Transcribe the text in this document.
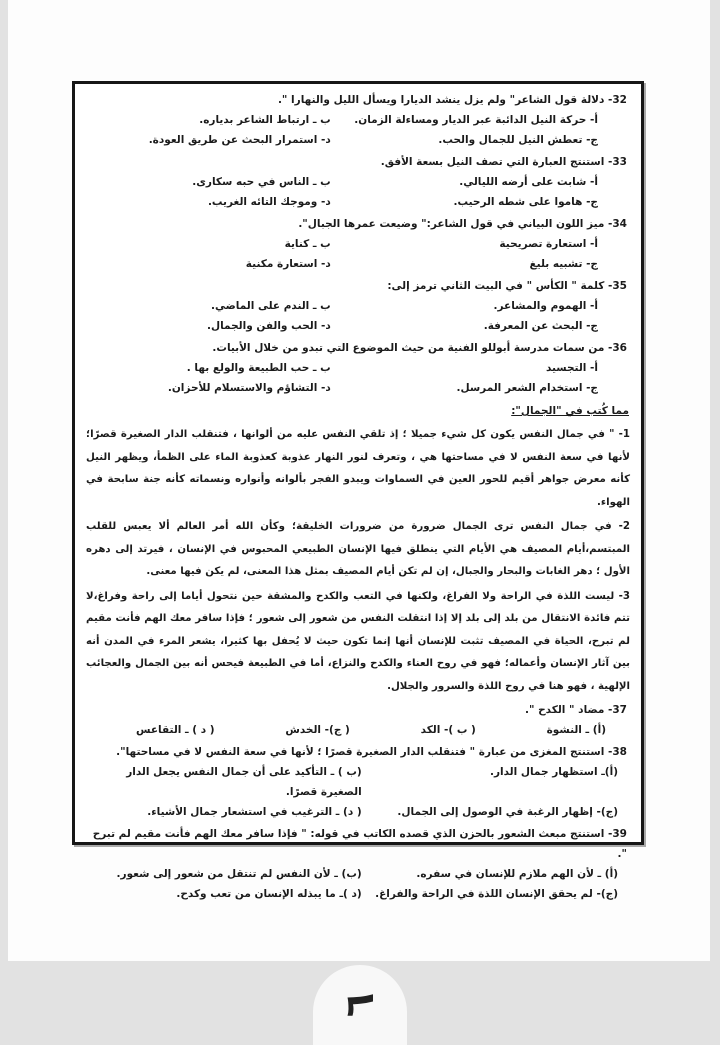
32- دلالة قول الشاعر" ولم يزل ينشد الديارا ويسأل الليل والنهارا ".
أ- حركة النيل الدائبة عبر الديار ومساءلة الزمان.
ب ـ ارتباط الشاعر بدياره.
ج- تعطش النيل للجمال والحب.
د- استمرار البحث عن طريق العودة.
33- استنتج العبارة التي تصف النيل بسعة الأفق.
أ- شابت على أرضه الليالي.
ب ـ الناس في حبه سكارى.
ج- هاموا على شطه الرحيب.
د- وموجك التائه الغريب.
34- ميز اللون البياني في قول الشاعر:" وضيعت عمرها الجبال".
أ- استعارة تصريحية
ب ـ كناية
ج- تشبيه بليغ
د- استعارة مكنية
35- كلمة " الكأس " في البيت الثاني ترمز إلى:
أ- الهموم والمشاعر.
ب ـ الندم على الماضي.
ج- البحث عن المعرفة.
د- الحب والفن والجمال.
36- من سمات مدرسة أبوللو الفنية من حيث الموضوع التي تبدو من خلال الأبيات.
أ- التجسيد
ب ـ حب الطبيعة والولع بها .
ج- استخدام الشعر المرسل.
د- التشاؤم والاستسلام للأحزان.
مما كُتب في "الجمال":

1- " في جمال النفس يكون كل شيء جميلا ؛ إذ تلقي النفس عليه من ألوانها ، فتنقلب الدار الصغيرة قصرًا؛ لأنها في سعة النفس لا في مساحتها هي ، وتعرف لنور النهار عذوبة كعذوبة الماء على الظمأ، ويظهر النيل كأنه معرض جواهر أقيم للحور العين في السماوات ويبدو الفجر بألوانه وأنواره ونسماته كأنه جنة سابحة في الهواء.

2- في جمال النفس ترى الجمال ضرورة من ضرورات الخليقة؛ وكأن الله أمر العالم ألا يعبس للقلب المبتسم،أيام المصيف هي الأيام التي ينطلق فيها الإنسان الطبيعي المحبوس في الإنسان ، فيرتد إلى دهره الأول ؛ دهر الغابات والبحار والجبال، إن لم تكن أيام المصيف بمثل هذا المعنى، لم يكن فيها معنى.

3- ليست اللذة في الراحة ولا الفراغ، ولكنها في التعب والكدح والمشقة حين نتحول أياما إلى راحة وفراغ،لا تتم فائدة الانتقال من بلد إلى بلد إلا إذا انتقلت النفس من شعور إلى شعور ؛ فإذا سافر معك الهم فأنت مقيم لم تبرح، الحياة في المصيف تثبت للإنسان أنها إنما تكون حيث لا يُحفل بها كثيرا، يشعر المرء في المدن أنه بين آثار الإنسان وأعماله؛ فهو في روح العناء والكدح والنزاع، أما في الطبيعة فيحس أنه بين الجمال والعجائب الإلهية ، فهو هنا في روح اللذة والسرور والجلال.

37- مضاد " الكدح ".
(أ) ـ النشوة
( ب )- الكد
( ج)- الخدش
( د ) ـ التقاعس
38- استنتج المغزى من عبارة " فتنقلب الدار الصغيرة قصرًا ؛ لأنها في سعة النفس لا في مساحتها".
(أ)ـ استظهار جمال الدار.
(ب ) ـ التأكيد على أن جمال النفس يجعل الدار الصغيرة قصرًا.
(ج)- إظهار الرغبة في الوصول إلى الجمال.
( د) ـ الترغيب في استشعار جمال الأشياء.
39- استنتج مبعث الشعور بالحزن الذي قصده الكاتب في قوله: " فإذا سافر معك الهم فأنت مقيم لم تبرح ".
(أ) ـ لأن الهم ملازم للإنسان في سفره.
(ب) ـ لأن النفس لم تنتقل من شعور إلى شعور.
(ج)- لم يحقق الإنسان اللذة في الراحة والفراغ.
(د )ـ ما يبذله الإنسان من تعب وكدح.
٦
